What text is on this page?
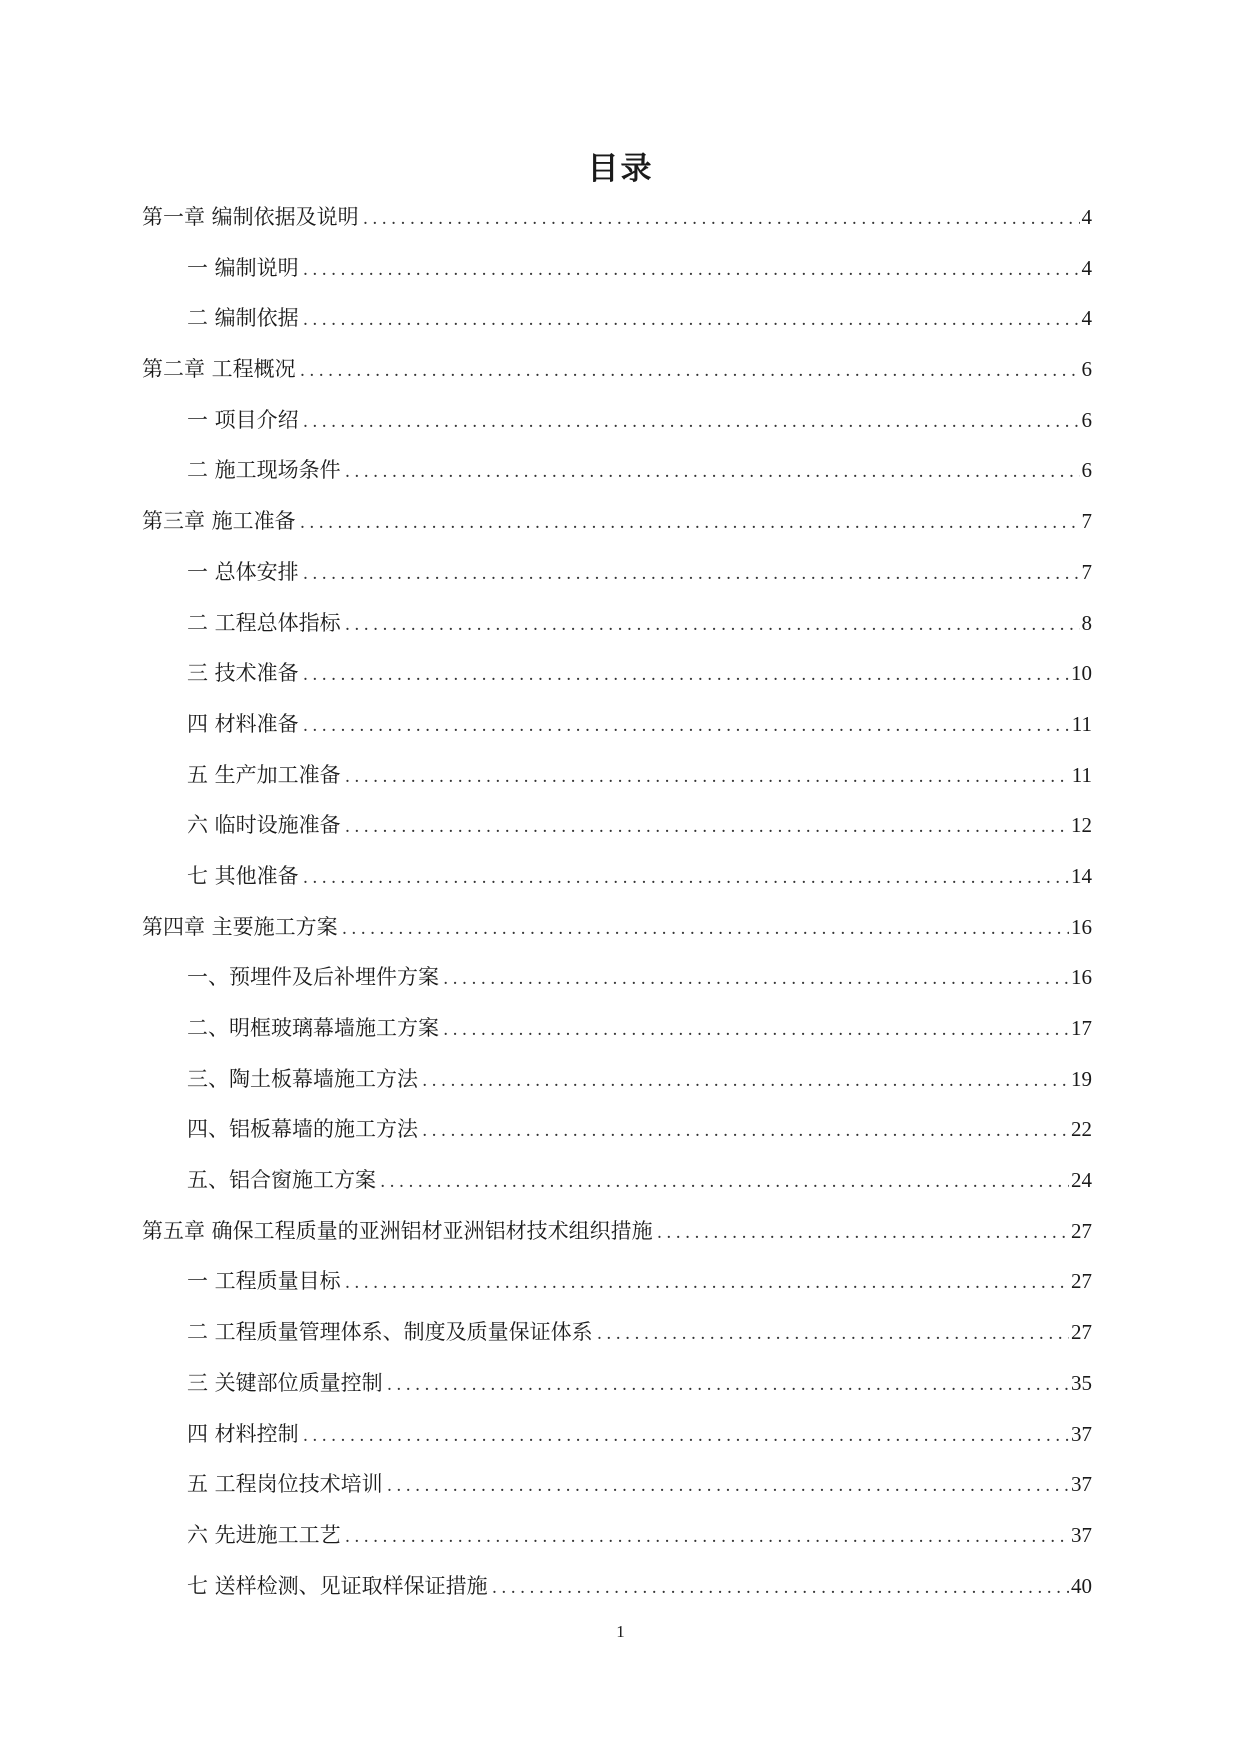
目录
第一章 编制依据及说明 .....	4
一 编制说明 .....	4
二 编制依据 .....	4
第二章 工程概况 .....	6
一 项目介绍 .....	6
二 施工现场条件 .....	6
第三章 施工准备 .....	7
一 总体安排 .....	7
二 工程总体指标 .....	8
三 技术准备 .....	10
四 材料准备 .....	11
五 生产加工准备 .....	11
六 临时设施准备 .....	12
七 其他准备 .....	14
第四章 主要施工方案 .....	16
一、预埋件及后补埋件方案 .....	16
二、明框玻璃幕墙施工方案 .....	17
三、陶土板幕墙施工方法 .....	19
四、铝板幕墙的施工方法 .....	22
五、铝合窗施工方案 .....	24
第五章 确保工程质量的亚洲铝材亚洲铝材技术组织措施 .....	27
一 工程质量目标 .....	27
二 工程质量管理体系、制度及质量保证体系 .....	27
三 关键部位质量控制 .....	35
四 材料控制 .....	37
五 工程岗位技术培训 .....	37
六 先进施工工艺 .....	37
七 送样检测、见证取样保证措施 .....	40
1
